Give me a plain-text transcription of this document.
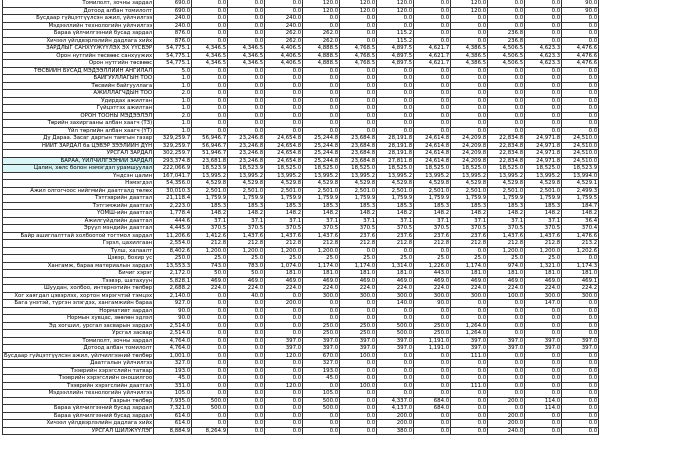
Томилолт, зочны зардал	690.0	0.0	0.0	0.0	120.0	120.0	120.0	0.0	120.0	0.0	0.0	90.0
Дотоод албан томилолт	690.0	0.0	0.0	0.0	120.0	120.0	120.0	0.0	120.0	0.0	0.0	90.0
Бусдаар гүйцэтгүүлсэн ажил, үйлчилгээ	240.0	0.0	0.0	240.0	0.0	0.0	0.0	0.0	0.0	0.0	0.0	0.0
Мэдээллийн технологийн үйлчилгээ	240.0	0.0	0.0	240.0	0.0	0.0	0.0	0.0	0.0	0.0	0.0	0.0
Бараа үйлчилгээний бусад зардал	876.0	0.0	0.0	262.0	262.0	0.0	115.2	0.0	0.0	236.8	0.0	0.0
Хичээл үйлдвэрлэлийн дадлага хийх	876.0	0.0	0.0	262.0	262.0	0.0	115.2	0.0	0.0	236.8	0.0	0.0
ЗАРДЛЫГ САНХҮҮЖҮҮЛЭХ ЭХ ҮҮСВЭР	54,775.1	4,346.5	4,346.5	4,406.5	4,888.5	4,768.5	4,897.5	4,621.7	4,386.5	4,506.5	4,623.3	4,476.6
Орон нутгийн төсвөөс санхүүжих	54,775.1	4,346.5	4,346.5	4,406.5	4,888.5	4,768.5	4,897.5	4,621.7	4,386.5	4,506.5	4,623.3	4,476.6
Орон нутгийн төсвөөс	54,775.1	4,346.5	4,346.5	4,406.5	4,888.5	4,768.5	4,897.5	4,621.7	4,386.5	4,506.5	4,623.3	4,476.6
ТӨСВИЙН БУСАД МЭДЭЭЛЛИЙН АНГИЛАЛ	5.0	0.0	0.0	0.0	0.0	0.0	0.0	0.0	0.0	0.0	0.0	0.0
БАЙГУУЛЛАГЫН ТОО	1.0	0.0	0.0	0.0	0.0	0.0	0.0	0.0	0.0	0.0	0.0	0.0
Төсвийн байгууллага	1.0	0.0	0.0	0.0	0.0	0.0	0.0	0.0	0.0	0.0	0.0	0.0
АЖИЛЛАГЧДЫН ТОО	2.0	0.0	0.0	0.0	0.0	0.0	0.0	0.0	0.0	0.0	0.0	0.0
Удирдах ажилтан	1.0	0.0	0.0	0.0	0.0	0.0	0.0	0.0	0.0	0.0	0.0	0.0
Гүйцэтгэх ажилтан	1.0	0.0	0.0	0.0	0.0	0.0	0.0	0.0	0.0	0.0	0.0	0.0
ОРОН ТООНЫ МЭДЭЭЛЭЛ	2.0	0.0	0.0	0.0	0.0	0.0	0.0	0.0	0.0	0.0	0.0	0.0
Төрийн захиргааны албан хаагч (ТЗ)	1.0	0.0	0.0	0.0	0.0	0.0	0.0	0.0	0.0	0.0	0.0	0.0
Үйл төрлийн албан хаагч (ҮТ)	1.0	0.0	0.0	0.0	0.0	0.0	0.0	0.0	0.0	0.0	0.0	0.0
Дү Дараа. Засаг даргын тамгын газар	329,259.7	56,946.7	23,246.8	24,654.8	25,244.8	23,684.8	28,191.8	24,614.8	24,209.8	22,834.8	24,971.8	24,510.0
НИЙТ ЗАРДАЛ ба ЦЭВЭР ЗЭЭЛИЙН ДҮН	329,259.7	56,946.7	23,246.8	24,654.8	25,244.8	23,684.8	28,191.8	24,614.8	24,209.8	22,834.8	24,971.8	24,510.0
УРСГАЛ ЗАРДАЛ	302,259.7	51,946.7	23,246.8	24,654.8	25,244.8	23,684.8	28,191.8	24,614.8	24,209.8	22,834.8	24,971.8	24,510.0
БАРАА, ҮЙЛЧИЛГЭЭНИЙ ЗАРДАЛ	293,374.8	23,681.8	23,246.8	24,654.8	25,244.8	23,684.8	27,811.8	24,614.8	24,209.8	22,834.8	24,971.8	24,510.0
Цалин, хөлс болон нэмэгдэл урамшуулал	222,066.9	18,523.9	18,523.9	18,525.0	18,525.0	18,525.0	18,525.0	18,525.0	18,525.0	18,525.0	18,525.0	18,523.9
Үндсэн цалин	167,041.7	13,995.2	13,995.2	13,995.2	13,995.2	13,995.2	13,995.2	13,995.2	13,995.2	13,995.2	13,995.2	13,994.0
Нэмэгдэл	54,356.0	4,529.8	4,529.8	4,529.8	4,529.8	4,529.8	4,529.8	4,529.8	4,529.8	4,529.8	4,529.8	4,529.1
Ажил олгогчоос нийгмийн даатгалд төлөх	30,010.3	2,501.0	2,501.0	2,501.0	2,501.0	2,501.0	2,501.0	2,501.0	2,501.0	2,501.0	2,501.0	2,499.3
Тэтгэврийн даатгал	21,118.4	1,759.9	1,759.9	1,759.9	1,759.9	1,759.9	1,759.9	1,759.9	1,759.9	1,759.9	1,759.9	1,759.5
Тэтгэмжийн даатгал	2,223.0	185.3	185.3	185.3	185.3	185.3	185.3	185.3	185.3	185.3	185.3	184.7
ҮОМШ-ийн даатгал	1,778.4	148.2	148.2	148.2	148.2	148.2	148.2	148.2	148.2	148.2	148.2	148.2
Ажилгүйдлийн даатгал	444.6	37.1	37.1	37.1	37.1	37.1	37.1	37.1	37.1	37.1	37.1	36.4
Эрүүл мэндийн даатгал	4,445.9	370.5	370.5	370.5	370.5	370.5	370.5	370.5	370.5	370.5	370.5	370.4
Байр ашиглалттай холбоотой тогтмол зардал	11,206.6	1,412.6	1,437.6	1,437.6	1,437.6	237.6	237.6	237.6	237.6	1,437.6	1,437.6	1,476.6
Гэрэл, цахилгаан	2,554.0	212.8	212.8	212.8	212.8	212.8	212.8	212.8	212.8	212.8	212.8	213.2
Түлш, халаалт	8,402.6	1,200.0	1,200.0	1,200.0	1,200.0	0.0	0.0	0.0	0.0	1,200.0	1,200.0	1,202.6
Цэвэр, бохир ус	250.0	25.0	25.0	25.0	25.0	25.0	25.0	25.0	25.0	25.0	25.0	0.0
Хангамж, бараа материалын зардал	13,553.3	743.0	783.0	1,074.0	1,174.0	1,174.0	1,314.0	1,226.0	1,174.0	974.0	1,321.0	1,174.3
Бичиг хэрэг	2,172.0	50.0	50.0	181.0	181.0	181.0	181.0	443.0	181.0	181.0	181.0	181.0
Тээвэр, шатахуун	5,828.1	469.0	469.0	469.0	469.0	469.0	469.0	469.0	469.0	469.0	469.0	469.1
Шуудан, холбоо, интернэтийн төлбөр	2,688.2	224.0	224.0	224.0	224.0	224.0	224.0	224.0	224.0	224.0	224.0	224.2
Хог хаягдал цэвэрлэх, хортон мэрэгчтэй тэмцэх	2,140.0	0.0	40.0	0.0	300.0	300.0	300.0	300.0	300.0	100.0	300.0	300.0
Бага үнэтэй, түргэн элэгдэх, хангамжийн бараа	927.0	0.0	0.0	200.0	0.0	0.0	140.0	90.0	0.0	0.0	147.0	0.0
Нормативт зардал	90.0	0.0	0.0	0.0	0.0	0.0	0.0	0.0	0.0	0.0	0.0	0.0
Нормын хувцас, зөөлөн эдлэл	90.0	0.0	0.0	0.0	0.0	0.0	0.0	0.0	0.0	0.0	0.0	0.0
Эд хогшил, урсгал засварын зардал	2,514.0	0.0	0.0	0.0	250.0	250.0	500.0	250.0	1,264.0	0.0	0.0	0.0
Урсгал засвар	2,514.0	0.0	0.0	0.0	250.0	250.0	500.0	250.0	1,264.0	0.0	0.0	0.0
Томилолт, зочны зардал	4,764.0	0.0	0.0	397.0	397.0	397.0	397.0	1,191.0	397.0	397.0	397.0	397.0
Дотоод албан томилолт	4,764.0	0.0	0.0	397.0	397.0	397.0	397.0	1,191.0	397.0	397.0	397.0	397.0
Бусдаар гүйцэтгүүлсэн ажил, үйлчилгээний төлбөр	1,001.0	0.0	0.0	120.0	670.0	100.0	0.0	0.0	111.0	0.0	0.0	0.0
Даатгалын үйлчилгээ	327.0	0.0	0.0	0.0	327.0	0.0	0.0	0.0	0.0	0.0	0.0	0.0
Тээврийн хэрэгслийн татвар	193.0	0.0	0.0	0.0	193.0	0.0	0.0	0.0	0.0	0.0	0.0	0.0
Тээврийн хэрэгслийн оношилгоо	45.0	0.0	0.0	0.0	45.0	0.0	0.0	0.0	0.0	0.0	0.0	0.0
Тээврийн хэрэгслийн даатгал	331.0	0.0	0.0	120.0	0.0	100.0	0.0	0.0	111.0	0.0	0.0	0.0
Мэдээллийн технологийн үйлчилгээ	105.0	0.0	0.0	0.0	105.0	0.0	0.0	0.0	0.0	0.0	0.0	0.0
Газрын төлбөр	7,935.0	500.0	0.0	0.0	500.0	0.0	4,337.0	684.0	0.0	200.0	114.0	0.0
Бараа үйлчилгээний бусад зардал	7,321.0	500.0	0.0	0.0	500.0	0.0	4,137.0	684.0	0.0	0.0	114.0	0.0
Бараа үйлчилгээний бусад зардал	614.0	0.0	0.0	0.0	0.0	0.0	200.0	0.0	0.0	200.0	0.0	0.0
Хичээл үйлдвэрлэлийн дадлага хийх	614.0	0.0	0.0	0.0	0.0	0.0	200.0	0.0	0.0	200.0	0.0	0.0
УРСГАЛ ШИЛЖҮҮЛЭГ	8,884.9	8,264.9	0.0	0.0	0.0	0.0	380.0	0.0	0.0	240.0	0.0	0.0
